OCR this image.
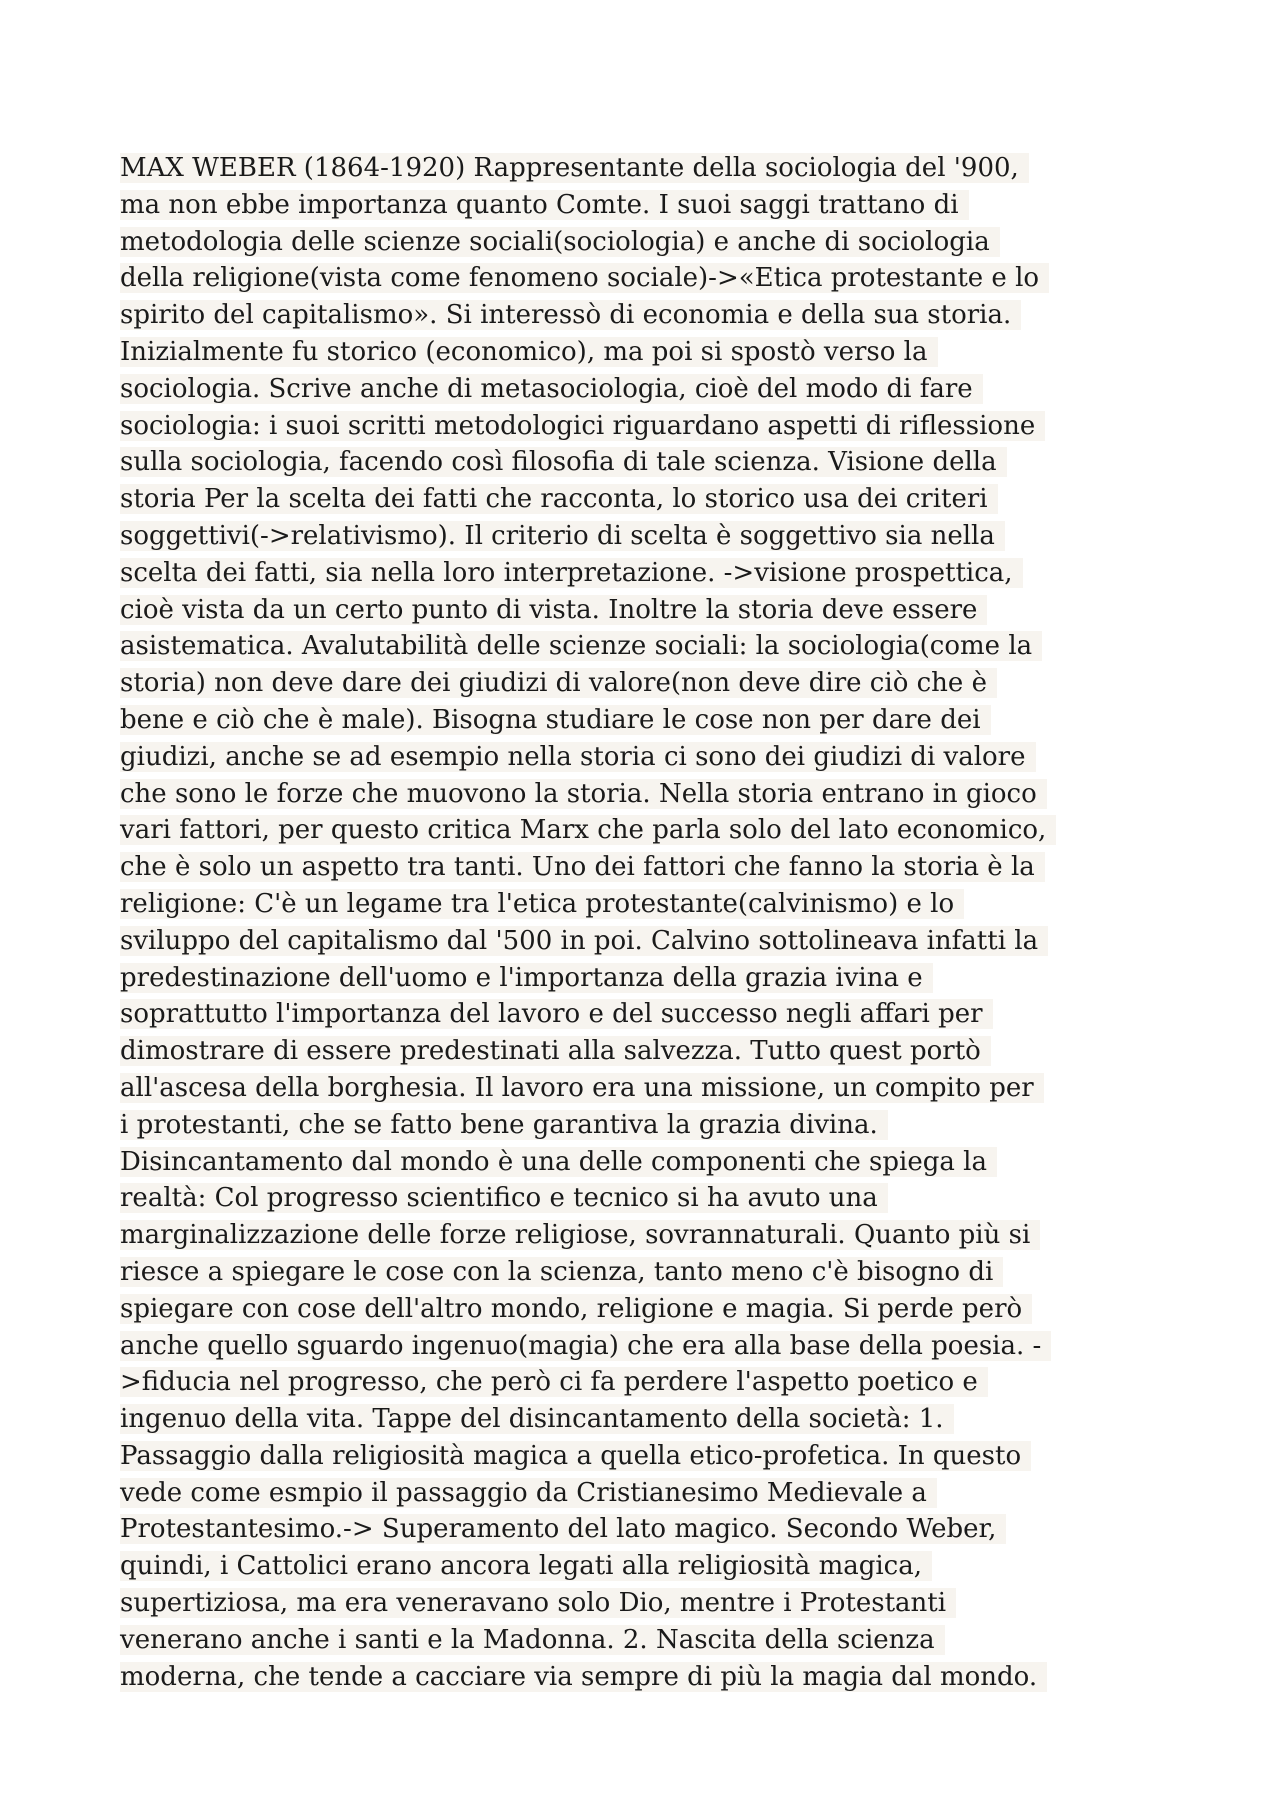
MAX WEBER (1864-1920) Rappresentante della sociologia del '900,
ma non ebbe importanza quanto Comte. I suoi saggi trattano di
metodologia delle scienze sociali(sociologia) e anche di sociologia
della religione(vista come fenomeno sociale)->«Etica protestante e lo
spirito del capitalismo». Si interessò di economia e della sua storia.
Inizialmente fu storico (economico), ma poi si spostò verso la
sociologia. Scrive anche di metasociologia, cioè del modo di fare
sociologia: i suoi scritti metodologici riguardano aspetti di riflessione
sulla sociologia, facendo così filosofia di tale scienza. Visione della
storia Per la scelta dei fatti che racconta, lo storico usa dei criteri
soggettivi(->relativismo). Il criterio di scelta è soggettivo sia nella
scelta dei fatti, sia nella loro interpretazione. ->visione prospettica,
cioè vista da un certo punto di vista. Inoltre la storia deve essere
asistematica. Avalutabilità delle scienze sociali: la sociologia(come la
storia) non deve dare dei giudizi di valore(non deve dire ciò che è
bene e ciò che è male). Bisogna studiare le cose non per dare dei
giudizi, anche se ad esempio nella storia ci sono dei giudizi di valore
che sono le forze che muovono la storia. Nella storia entrano in gioco
vari fattori, per questo critica Marx che parla solo del lato economico,
che è solo un aspetto tra tanti. Uno dei fattori che fanno la storia è la
religione: C'è un legame tra l'etica protestante(calvinismo) e lo
sviluppo del capitalismo dal '500 in poi. Calvino sottolineava infatti la
predestinazione dell'uomo e l'importanza della grazia ivina e
soprattutto l'importanza del lavoro e del successo negli affari per
dimostrare di essere predestinati alla salvezza. Tutto quest portò
all'ascesa della borghesia. Il lavoro era una missione, un compito per
i protestanti, che se fatto bene garantiva la grazia divina.
Disincantamento dal mondo è una delle componenti che spiega la
realtà: Col progresso scientifico e tecnico si ha avuto una
marginalizzazione delle forze religiose, sovrannaturali. Quanto più si
riesce a spiegare le cose con la scienza, tanto meno c'è bisogno di
spiegare con cose dell'altro mondo, religione e magia. Si perde però
anche quello sguardo ingenuo(magia) che era alla base della poesia. -
>fiducia nel progresso, che però ci fa perdere l'aspetto poetico e
ingenuo della vita. Tappe del disincantamento della società: 1.
Passaggio dalla religiosità magica a quella etico-profetica. In questo
vede come esmpio il passaggio da Cristianesimo Medievale a
Protestantesimo.-> Superamento del lato magico. Secondo Weber,
quindi, i Cattolici erano ancora legati alla religiosità magica,
supertiziosa, ma era veneravano solo Dio, mentre i Protestanti
venerano anche i santi e la Madonna. 2. Nascita della scienza
moderna, che tende a cacciare via sempre di più la magia dal mondo.
